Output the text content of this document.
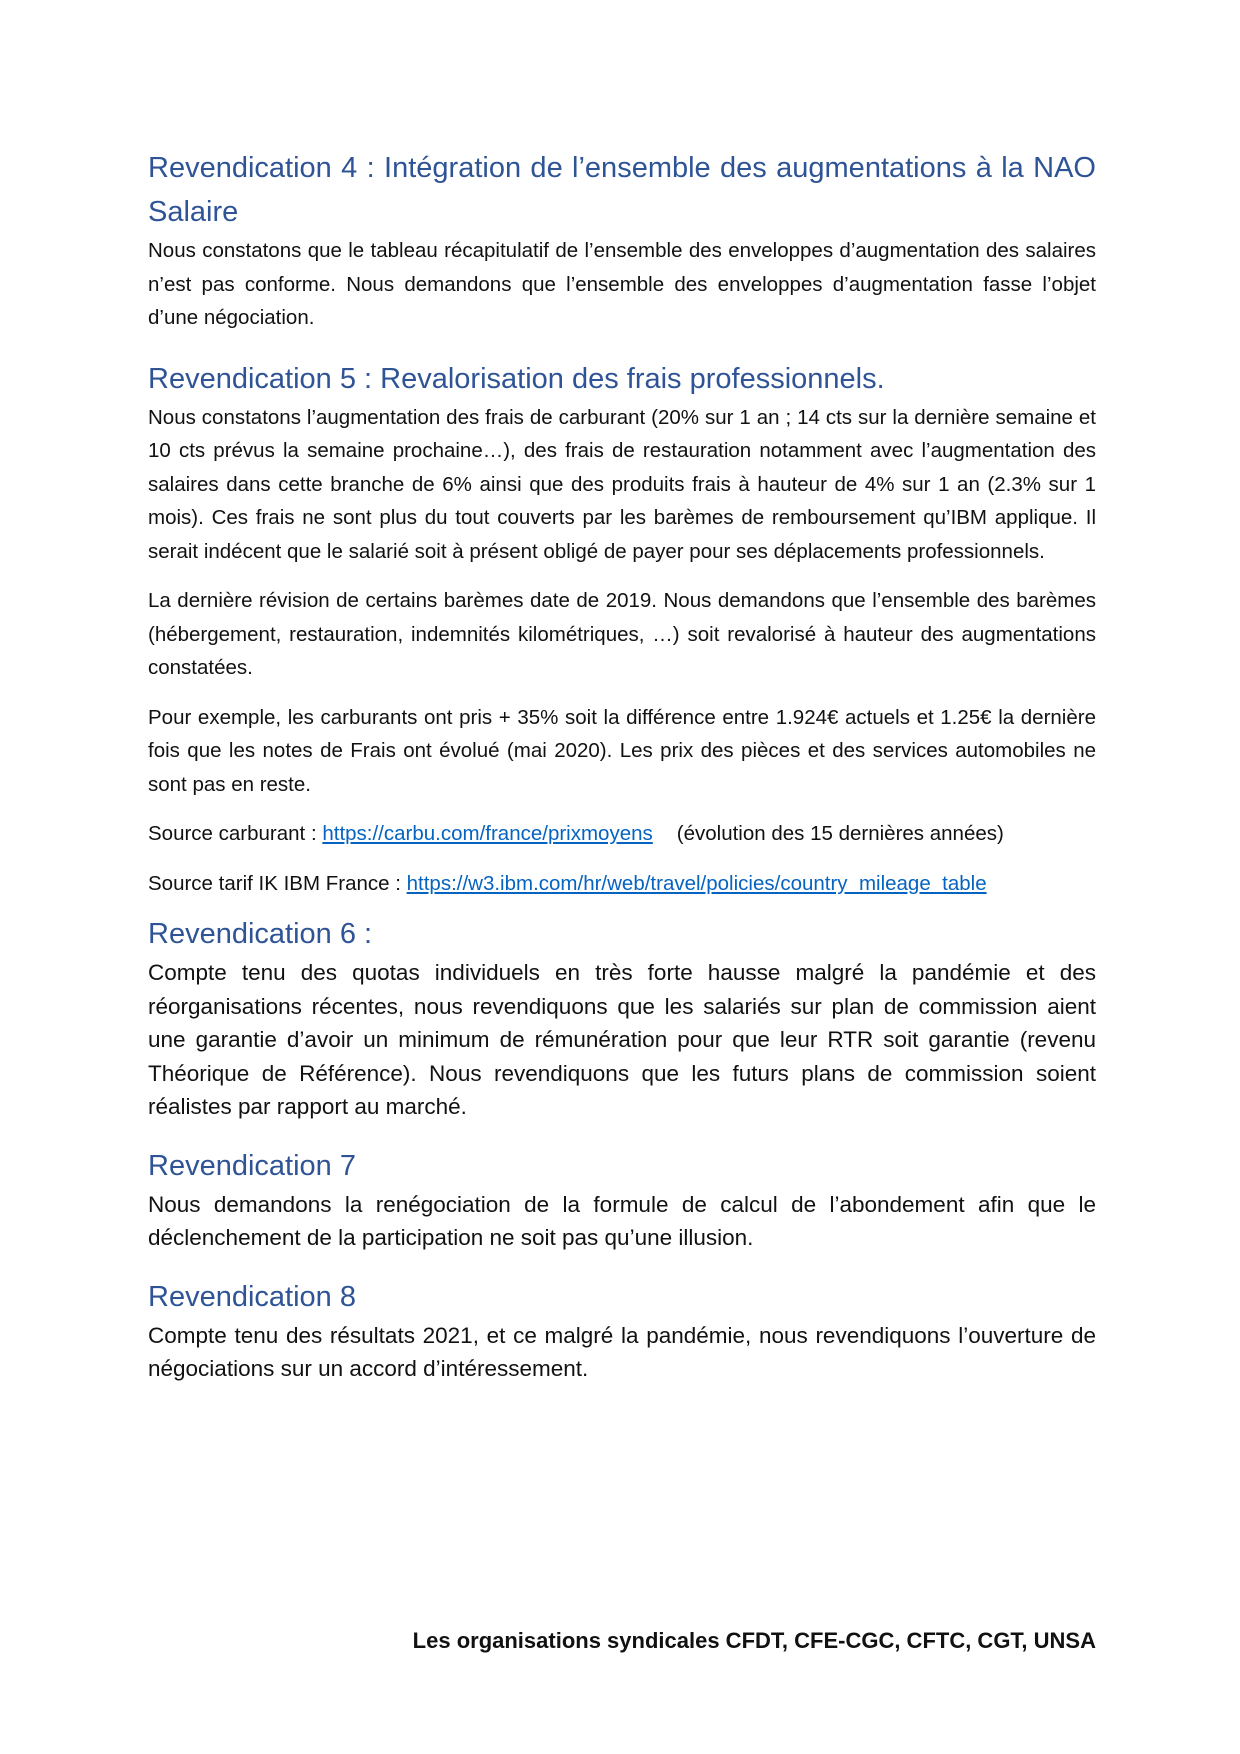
Revendication 4 : Intégration de l’ensemble des augmentations à la NAO Salaire

Nous constatons que le tableau récapitulatif de l’ensemble des enveloppes d’augmentation des salaires n’est pas conforme. Nous demandons que l’ensemble des enveloppes d’augmentation fasse l’objet d’une négociation.

Revendication 5 : Revalorisation des frais professionnels.

Nous constatons l’augmentation des frais de carburant (20% sur 1 an ; 14 cts sur la dernière semaine et 10 cts prévus la semaine prochaine…), des frais de restauration notamment avec l’augmentation des salaires dans cette branche de 6% ainsi que des produits frais à hauteur de 4% sur 1 an (2.3% sur 1 mois). Ces frais ne sont plus du tout couverts par les barèmes de remboursement qu’IBM applique. Il serait indécent que le salarié soit à présent obligé de payer pour ses déplacements professionnels.

La dernière révision de certains barèmes date de 2019. Nous demandons que l’ensemble des barèmes (hébergement, restauration, indemnités kilométriques, …) soit revalorisé à hauteur des augmentations constatées.

Pour exemple, les carburants ont pris + 35% soit la différence entre 1.924€ actuels et 1.25€ la dernière fois que les notes de Frais ont évolué (mai 2020). Les prix des pièces et des services automobiles ne sont pas en reste.

Source carburant : https://carbu.com/france/prixmoyens (évolution des 15 dernières années)

Source tarif IK IBM France : https://w3.ibm.com/hr/web/travel/policies/country_mileage_table

Revendication 6 :

Compte tenu des quotas individuels en très forte hausse malgré la pandémie et des réorganisations récentes, nous revendiquons que les salariés sur plan de commission aient une garantie d’avoir un minimum de rémunération pour que leur RTR soit garantie (revenu Théorique de Référence). Nous revendiquons que les futurs plans de commission soient réalistes par rapport au marché.

Revendication 7

Nous demandons la renégociation de la formule de calcul de l’abondement afin que le déclenchement de la participation ne soit pas qu’une illusion.

Revendication 8

Compte tenu des résultats 2021, et ce malgré la pandémie, nous revendiquons l’ouverture de négociations sur un accord d’intéressement.

Les organisations syndicales CFDT, CFE-CGC, CFTC, CGT, UNSA
